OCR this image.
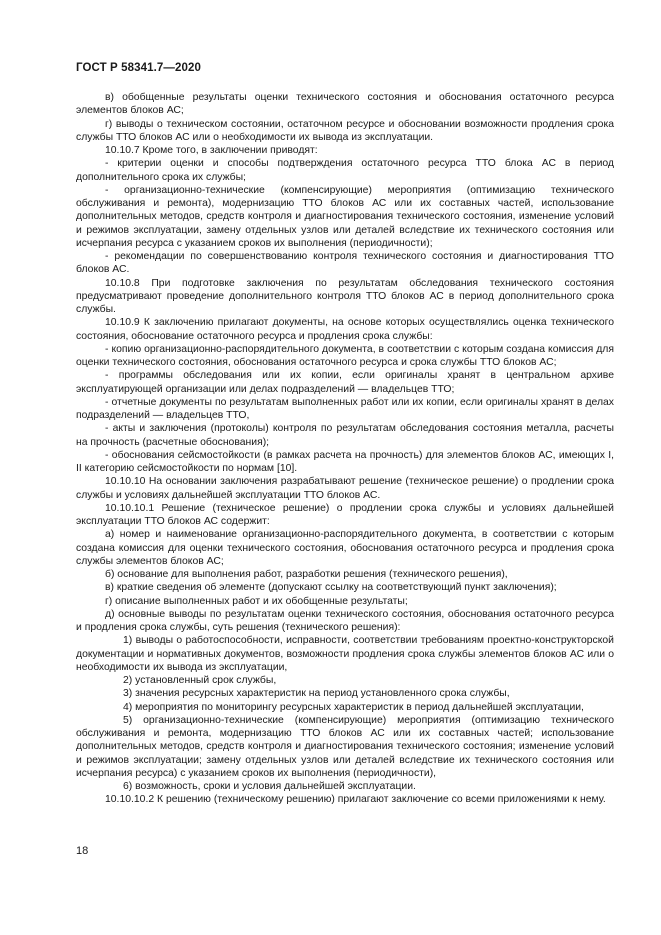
ГОСТ Р 58341.7—2020

в) обобщенные результаты оценки технического состояния и обоснования остаточного ресурса элементов блоков АС;

г) выводы о техническом состоянии, остаточном ресурсе и обосновании возможности продления срока службы ТТО блоков АС или о необходимости их вывода из эксплуатации.

10.10.7 Кроме того, в заключении приводят:

- критерии оценки и способы подтверждения остаточного ресурса ТТО блока АС в период дополнительного срока их службы;

- организационно-технические (компенсирующие) мероприятия (оптимизацию технического обслуживания и ремонта), модернизацию ТТО блоков АС или их составных частей, использование дополнительных методов, средств контроля и диагностирования технического состояния, изменение условий и режимов эксплуатации, замену отдельных узлов или деталей вследствие их технического состояния или исчерпания ресурса с указанием сроков их выполнения (периодичности);

- рекомендации по совершенствованию контроля технического состояния и диагностирования ТТО блоков АС.

10.10.8 При подготовке заключения по результатам обследования технического состояния предусматривают проведение дополнительного контроля ТТО блоков АС в период дополнительного срока службы.

10.10.9 К заключению прилагают документы, на основе которых осуществлялись оценка технического состояния, обоснование остаточного ресурса и продления срока службы:

- копию организационно-распорядительного документа, в соответствии с которым создана комиссия для оценки технического состояния, обоснования остаточного ресурса и срока службы ТТО блоков АС;

- программы обследования или их копии, если оригиналы хранят в центральном архиве эксплуатирующей организации или делах подразделений — владельцев ТТО;

- отчетные документы по результатам выполненных работ или их копии, если оригиналы хранят в делах подразделений — владельцев ТТО,

- акты и заключения (протоколы) контроля по результатам обследования состояния металла, расчеты на прочность (расчетные обоснования);

- обоснования сейсмостойкости (в рамках расчета на прочность) для элементов блоков АС, имеющих I, II категорию сейсмостойкости по нормам [10].

10.10.10 На основании заключения разрабатывают решение (техническое решение) о продлении срока службы и условиях дальнейшей эксплуатации ТТО блоков АС.

10.10.10.1 Решение (техническое решение) о продлении срока службы и условиях дальнейшей эксплуатации ТТО блоков АС содержит:

а) номер и наименование организационно-распорядительного документа, в соответствии с которым создана комиссия для оценки технического состояния, обоснования остаточного ресурса и продления срока службы элементов блоков АС;

б) основание для выполнения работ, разработки решения (технического решения),

в) краткие сведения об элементе (допускают ссылку на соответствующий пункт заключения);

г) описание выполненных работ и их обобщенные результаты;

д) основные выводы по результатам оценки технического состояния, обоснования остаточного ресурса и продления срока службы, суть решения (технического решения):

1) выводы о работоспособности, исправности, соответствии требованиям проектно-конструкторской документации и нормативных документов, возможности продления срока службы элементов блоков АС или о необходимости их вывода из эксплуатации,

2) установленный срок службы,

3) значения ресурсных характеристик на период установленного срока службы,

4) мероприятия по мониторингу ресурсных характеристик в период дальнейшей эксплуатации,

5) организационно-технические (компенсирующие) мероприятия (оптимизацию технического обслуживания и ремонта, модернизацию ТТО блоков АС или их составных частей; использование дополнительных методов, средств контроля и диагностирования технического состояния; изменение условий и режимов эксплуатации; замену отдельных узлов или деталей вследствие их технического состояния или исчерпания ресурса) с указанием сроков их выполнения (периодичности),

6) возможность, сроки и условия дальнейшей эксплуатации.

10.10.10.2 К решению (техническому решению) прилагают заключение со всеми приложениями к нему.

18
